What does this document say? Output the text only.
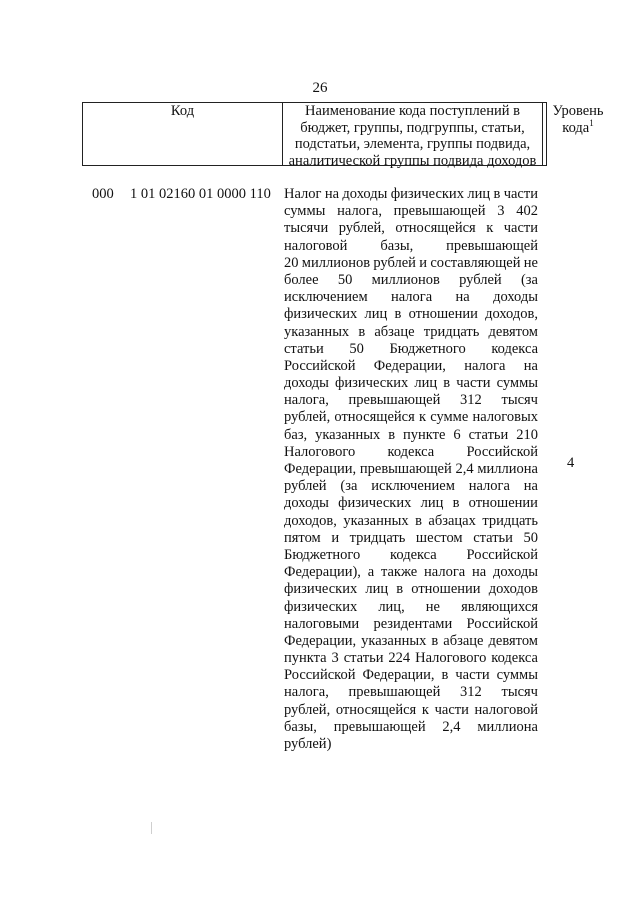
26
Код	Наименование кода поступлений в
бюджет, группы, подгруппы, статьи,
подстатьи, элемента, группы подвида,
аналитической группы подвида доходов
Уровень
кода$^1$
000 1 01 02160 01 0000 110 Налог на доходы физических лиц в части
суммы налога, превышающей 3 402
тысячи рублей, относящейся к части
налоговой базы, превышающей
20 миллионов рублей и составляющей не
более 50 миллионов рублей (за
исключением налога на доходы
физических лиц в отношении доходов,
указанных в абзаце тридцать девятом
статьи 50 Бюджетного кодекса
Российской Федерации, налога на
доходы физических лиц в части суммы
налога, превышающей 312 тысяч
рублей, относящейся к сумме налоговых
баз, указанных в пункте 6 статьи 210
Налогового кодекса Российской
Федерации, превышающей 2,4 миллиона
рублей (за исключением налога на
доходы физических лиц в отношении
доходов, указанных в абзацах тридцать
пятом и тридцать шестом статьи 50
Бюджетного кодекса Российской
Федерации), а также налога на доходы
физических лиц в отношении доходов
физических лиц, не являющихся
налоговыми резидентами Российской
Федерации, указанных в абзаце девятом
пункта 3 статьи 224 Налогового кодекса
Российской Федерации, в части суммы
налога, превышающей 312 тысяч
рублей, относящейся к части налоговой
базы, превышающей 2,4 миллиона
рублей)
4
